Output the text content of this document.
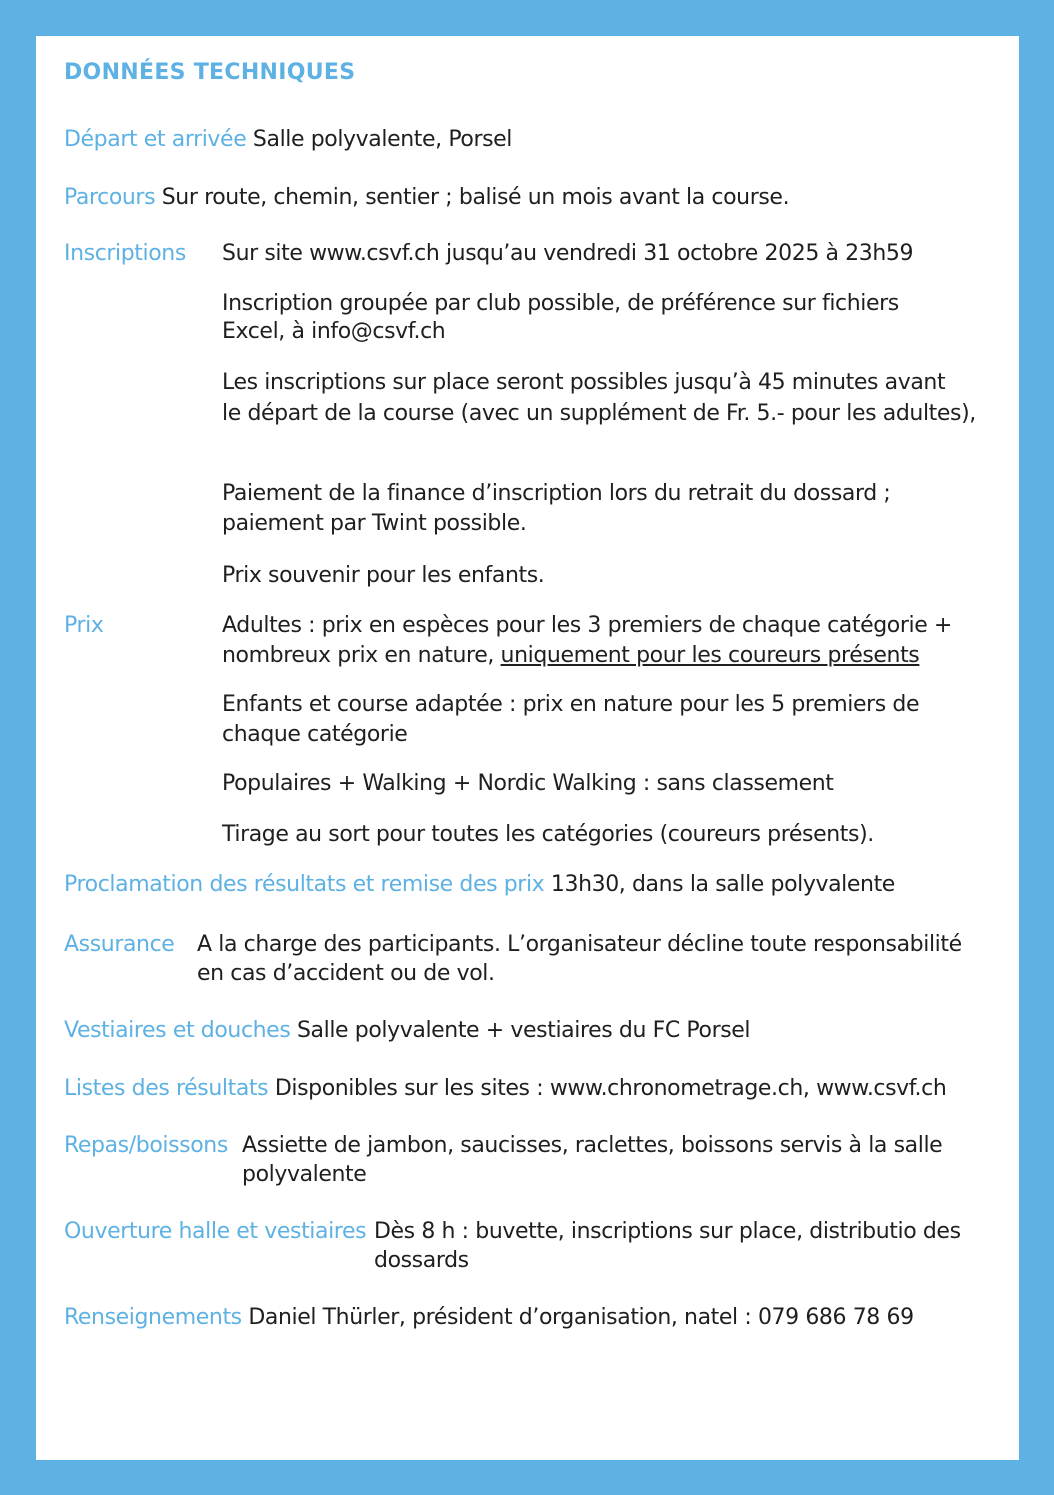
DONNÉES TECHNIQUES
Départ et arrivée Salle polyvalente, Porsel
Parcours Sur route, chemin, sentier ; balisé un mois avant la course.
Inscriptions Sur site www.csvf.ch jusqu’au vendredi 31 octobre 2025 à 23h59
Inscription groupée par club possible, de préférence sur fichiers
Excel, à info@csvf.ch
Les inscriptions sur place seront possibles jusqu’à 45 minutes avant
le départ de la course (avec un supplément de Fr. 5.- pour les adultes),
Paiement de la finance d’inscription lors du retrait du dossard ;
paiement par Twint possible.
Prix souvenir pour les enfants.
Prix	Adultes : prix en espèces pour les 3 premiers de chaque catégorie +
nombreux prix en nature, uniquement pour les coureurs présents
Enfants et course adaptée : prix en nature pour les 5 premiers de
chaque catégorie
Populaires + Walking + Nordic Walking : sans classement
Tirage au sort pour toutes les catégories (coureurs présents).
Proclamation des résultats et remise des prix 13h30, dans la salle polyvalente
Assurance A la charge des participants. L’organisateur décline toute responsabilité
en cas d’accident ou de vol.
Vestiaires et douches Salle polyvalente + vestiaires du FC Porsel
Listes des résultats Disponibles sur les sites : www.chronometrage.ch, www.csvf.ch
Repas/boissons Assiette de jambon, saucisses, raclettes, boissons servis à la salle
polyvalente
Ouverture halle et vestiaires Dès 8 h : buvette, inscriptions sur place, distributio des
dossards
Renseignements Daniel Thürler, président d’organisation, natel : 079 686 78 69
